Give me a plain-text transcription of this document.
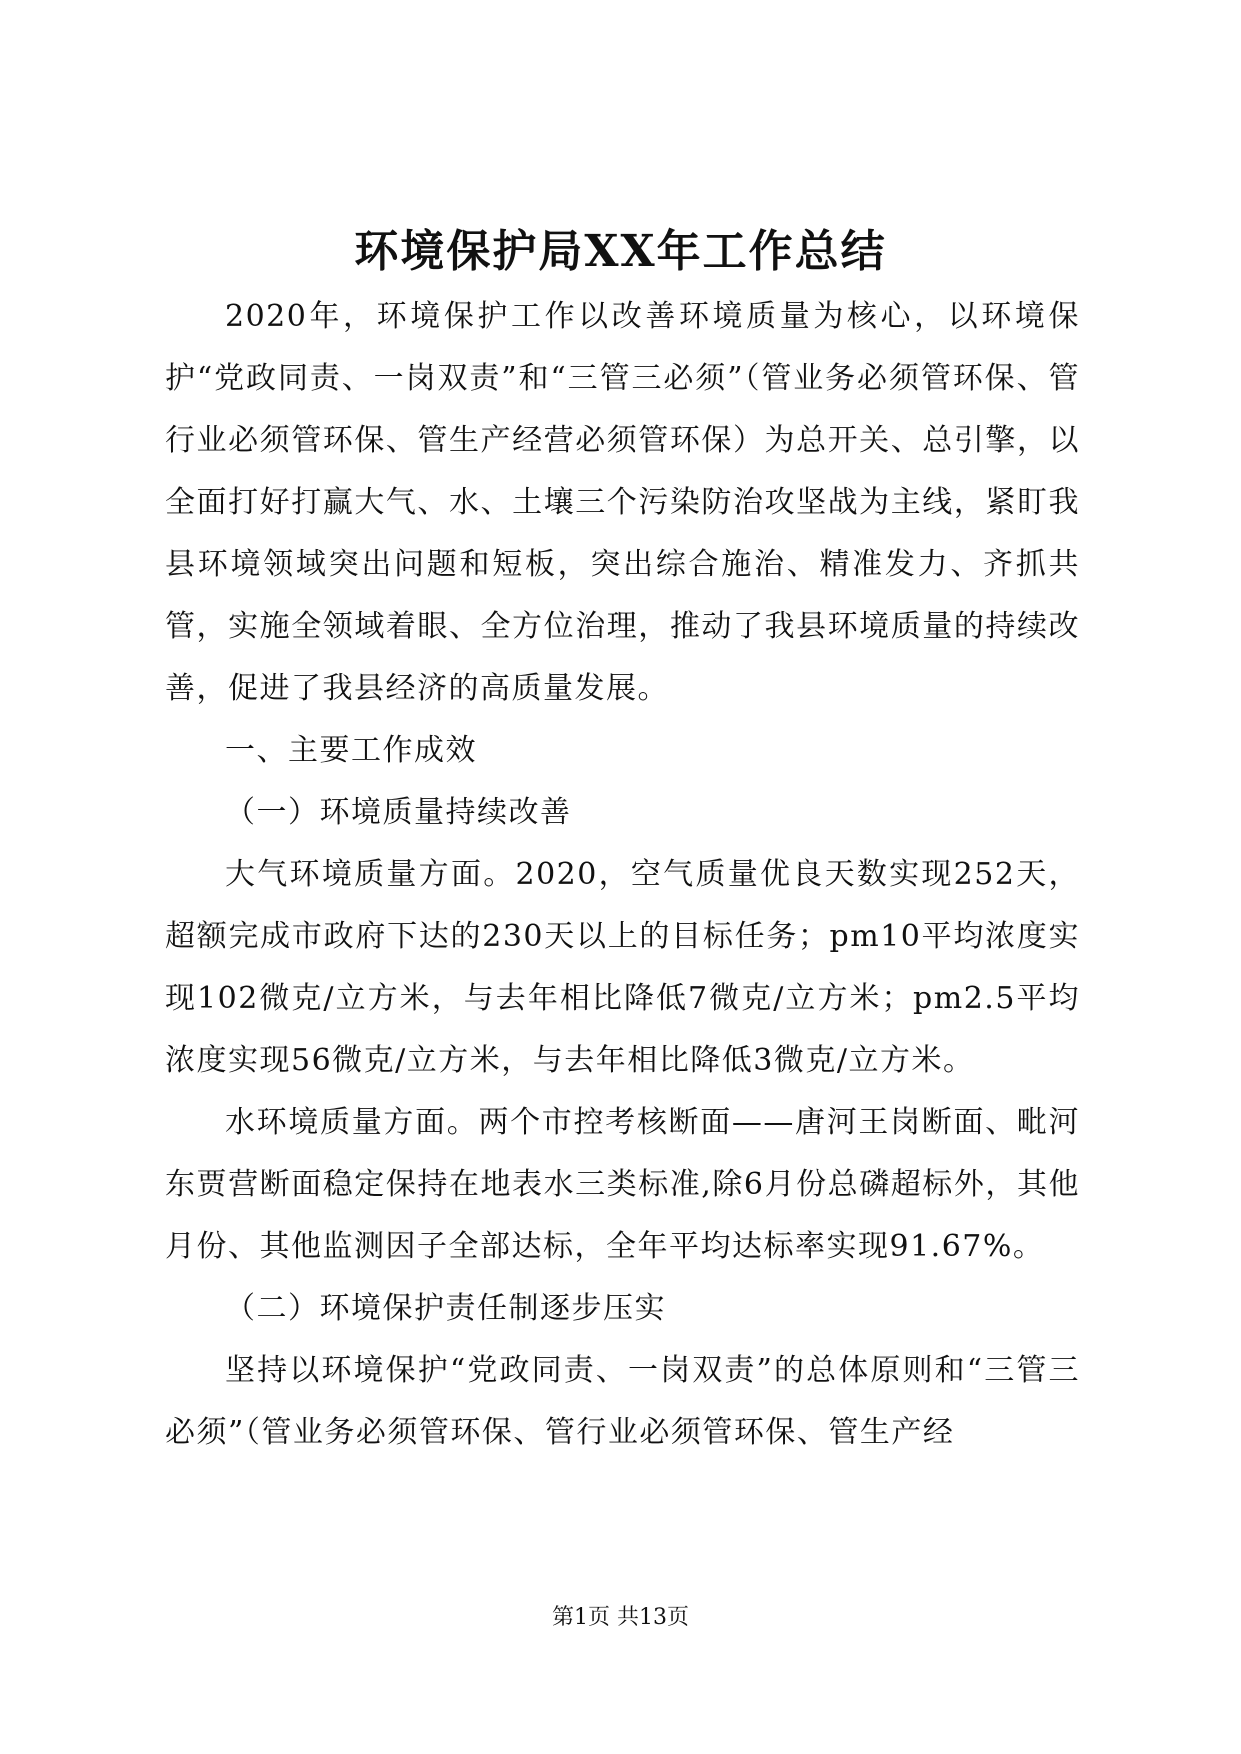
环境保护局XX年工作总结

2020年，环境保护工作以改善环境质量为核心，以环境保护“党政同责、一岗双责”和“三管三必须”（管业务必须管环保、管行业必须管环保、管生产经营必须管环保）为总开关、总引擎，以全面打好打赢大气、水、土壤三个污染防治攻坚战为主线，紧盯我县环境领域突出问题和短板，突出综合施治、精准发力、齐抓共管，实施全领域着眼、全方位治理，推动了我县环境质量的持续改善，促进了我县经济的高质量发展。

一、主要工作成效

（一）环境质量持续改善

大气环境质量方面。2020，空气质量优良天数实现252天，超额完成市政府下达的230天以上的目标任务；pm10平均浓度实现102微克/立方米，与去年相比降低7微克/立方米；pm2.5平均浓度实现56微克/立方米，与去年相比降低3微克/立方米。

水环境质量方面。两个市控考核断面——唐河王岗断面、毗河东贾营断面稳定保持在地表水三类标准,除6月份总磷超标外，其他月份、其他监测因子全部达标，全年平均达标率实现91.67%。

（二）环境保护责任制逐步压实

坚持以环境保护“党政同责、一岗双责”的总体原则和“三管三必须”（管业务必须管环保、管行业必须管环保、管生产经

第1页 共13页
